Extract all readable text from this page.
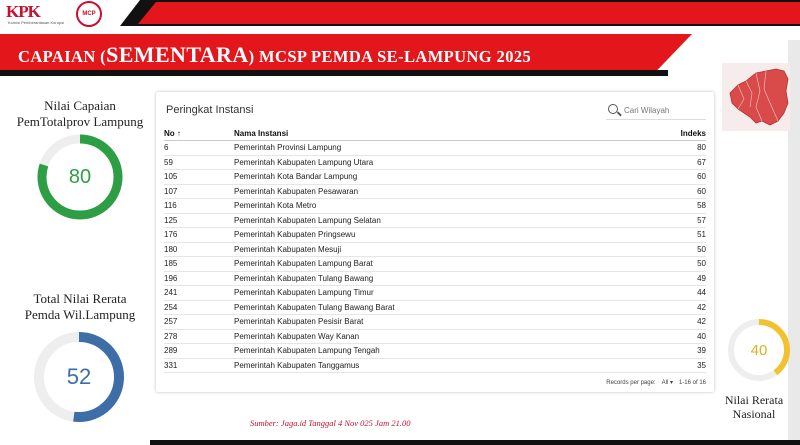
KPK
Komisi Pemberantasan Korupsi
MCP
CAPAIAN (SEMENTARA) MCSP PEMDA SE-LAMPUNG 2025
Nilai Capaian
PemTotalprov Lampung
80
Total Nilai Rerata
Pemda Wil.Lampung
52
40
Nilai Rerata
Nasional
Peringkat Instansi
Cari Wilayah
No ↑	Nama Instansi	Indeks
6	Pemerintah Provinsi Lampung	80
59	Pemerintah Kabupaten Lampung Utara	67
105	Pemerintah Kota Bandar Lampung	60
107	Pemerintah Kabupaten Pesawaran	60
116	Pemerintah Kota Metro	58
125	Pemerintah Kabupaten Lampung Selatan	57
176	Pemerintah Kabupaten Pringsewu	51
180	Pemerintah Kabupaten Mesuji	50
185	Pemerintah Kabupaten Lampung Barat	50
196	Pemerintah Kabupaten Tulang Bawang	49
241	Pemerintah Kabupaten Lampung Timur	44
254	Pemerintah Kabupaten Tulang Bawang Barat	42
257	Pemerintah Kabupaten Pesisir Barat	42
278	Pemerintah Kabupaten Way Kanan	40
289	Pemerintah Kabupaten Lampung Tengah	39
331	Pemerintah Kabupaten Tanggamus	35
Records per page: All ▾ 1-16 of 16
Sumber: Jaga.id Tanggal 4 Nov 025 Jam 21.00
